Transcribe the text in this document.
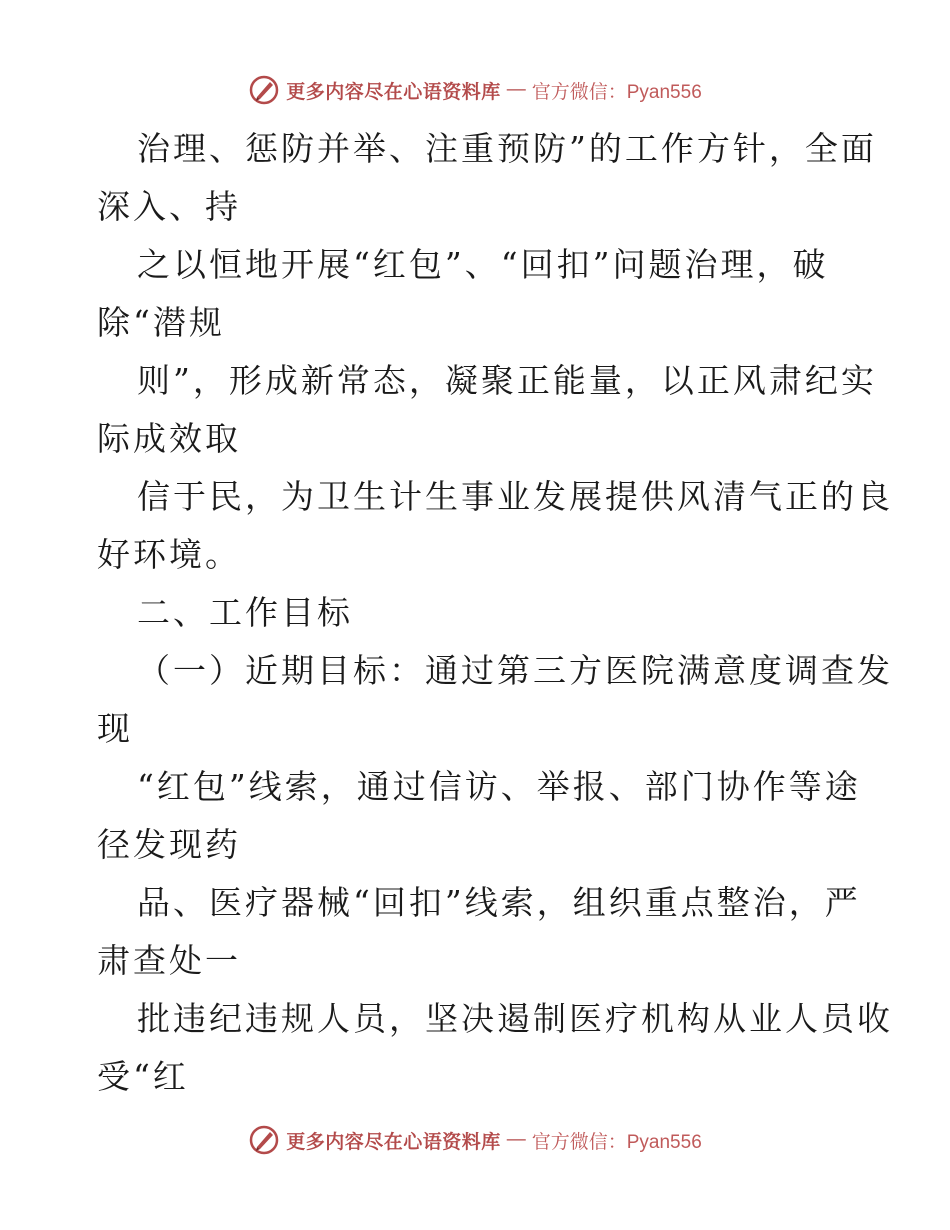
更多内容尽在心语资料库 — 官方微信：Pyan556
治理、惩防并举、注重预防”的工作方针，全面
深入、持
之以恒地开展“红包”、“回扣”问题治理，破
除“潜规
则”，形成新常态，凝聚正能量，以正风肃纪实
际成效取
信于民，为卫生计生事业发展提供风清气正的良
好环境。
二、工作目标
（一）近期目标：通过第三方医院满意度调查发
现
“红包”线索，通过信访、举报、部门协作等途
径发现药
品、医疗器械“回扣”线索，组织重点整治，严
肃查处一
批违纪违规人员，坚决遏制医疗机构从业人员收
受“红
更多内容尽在心语资料库 — 官方微信：Pyan556
